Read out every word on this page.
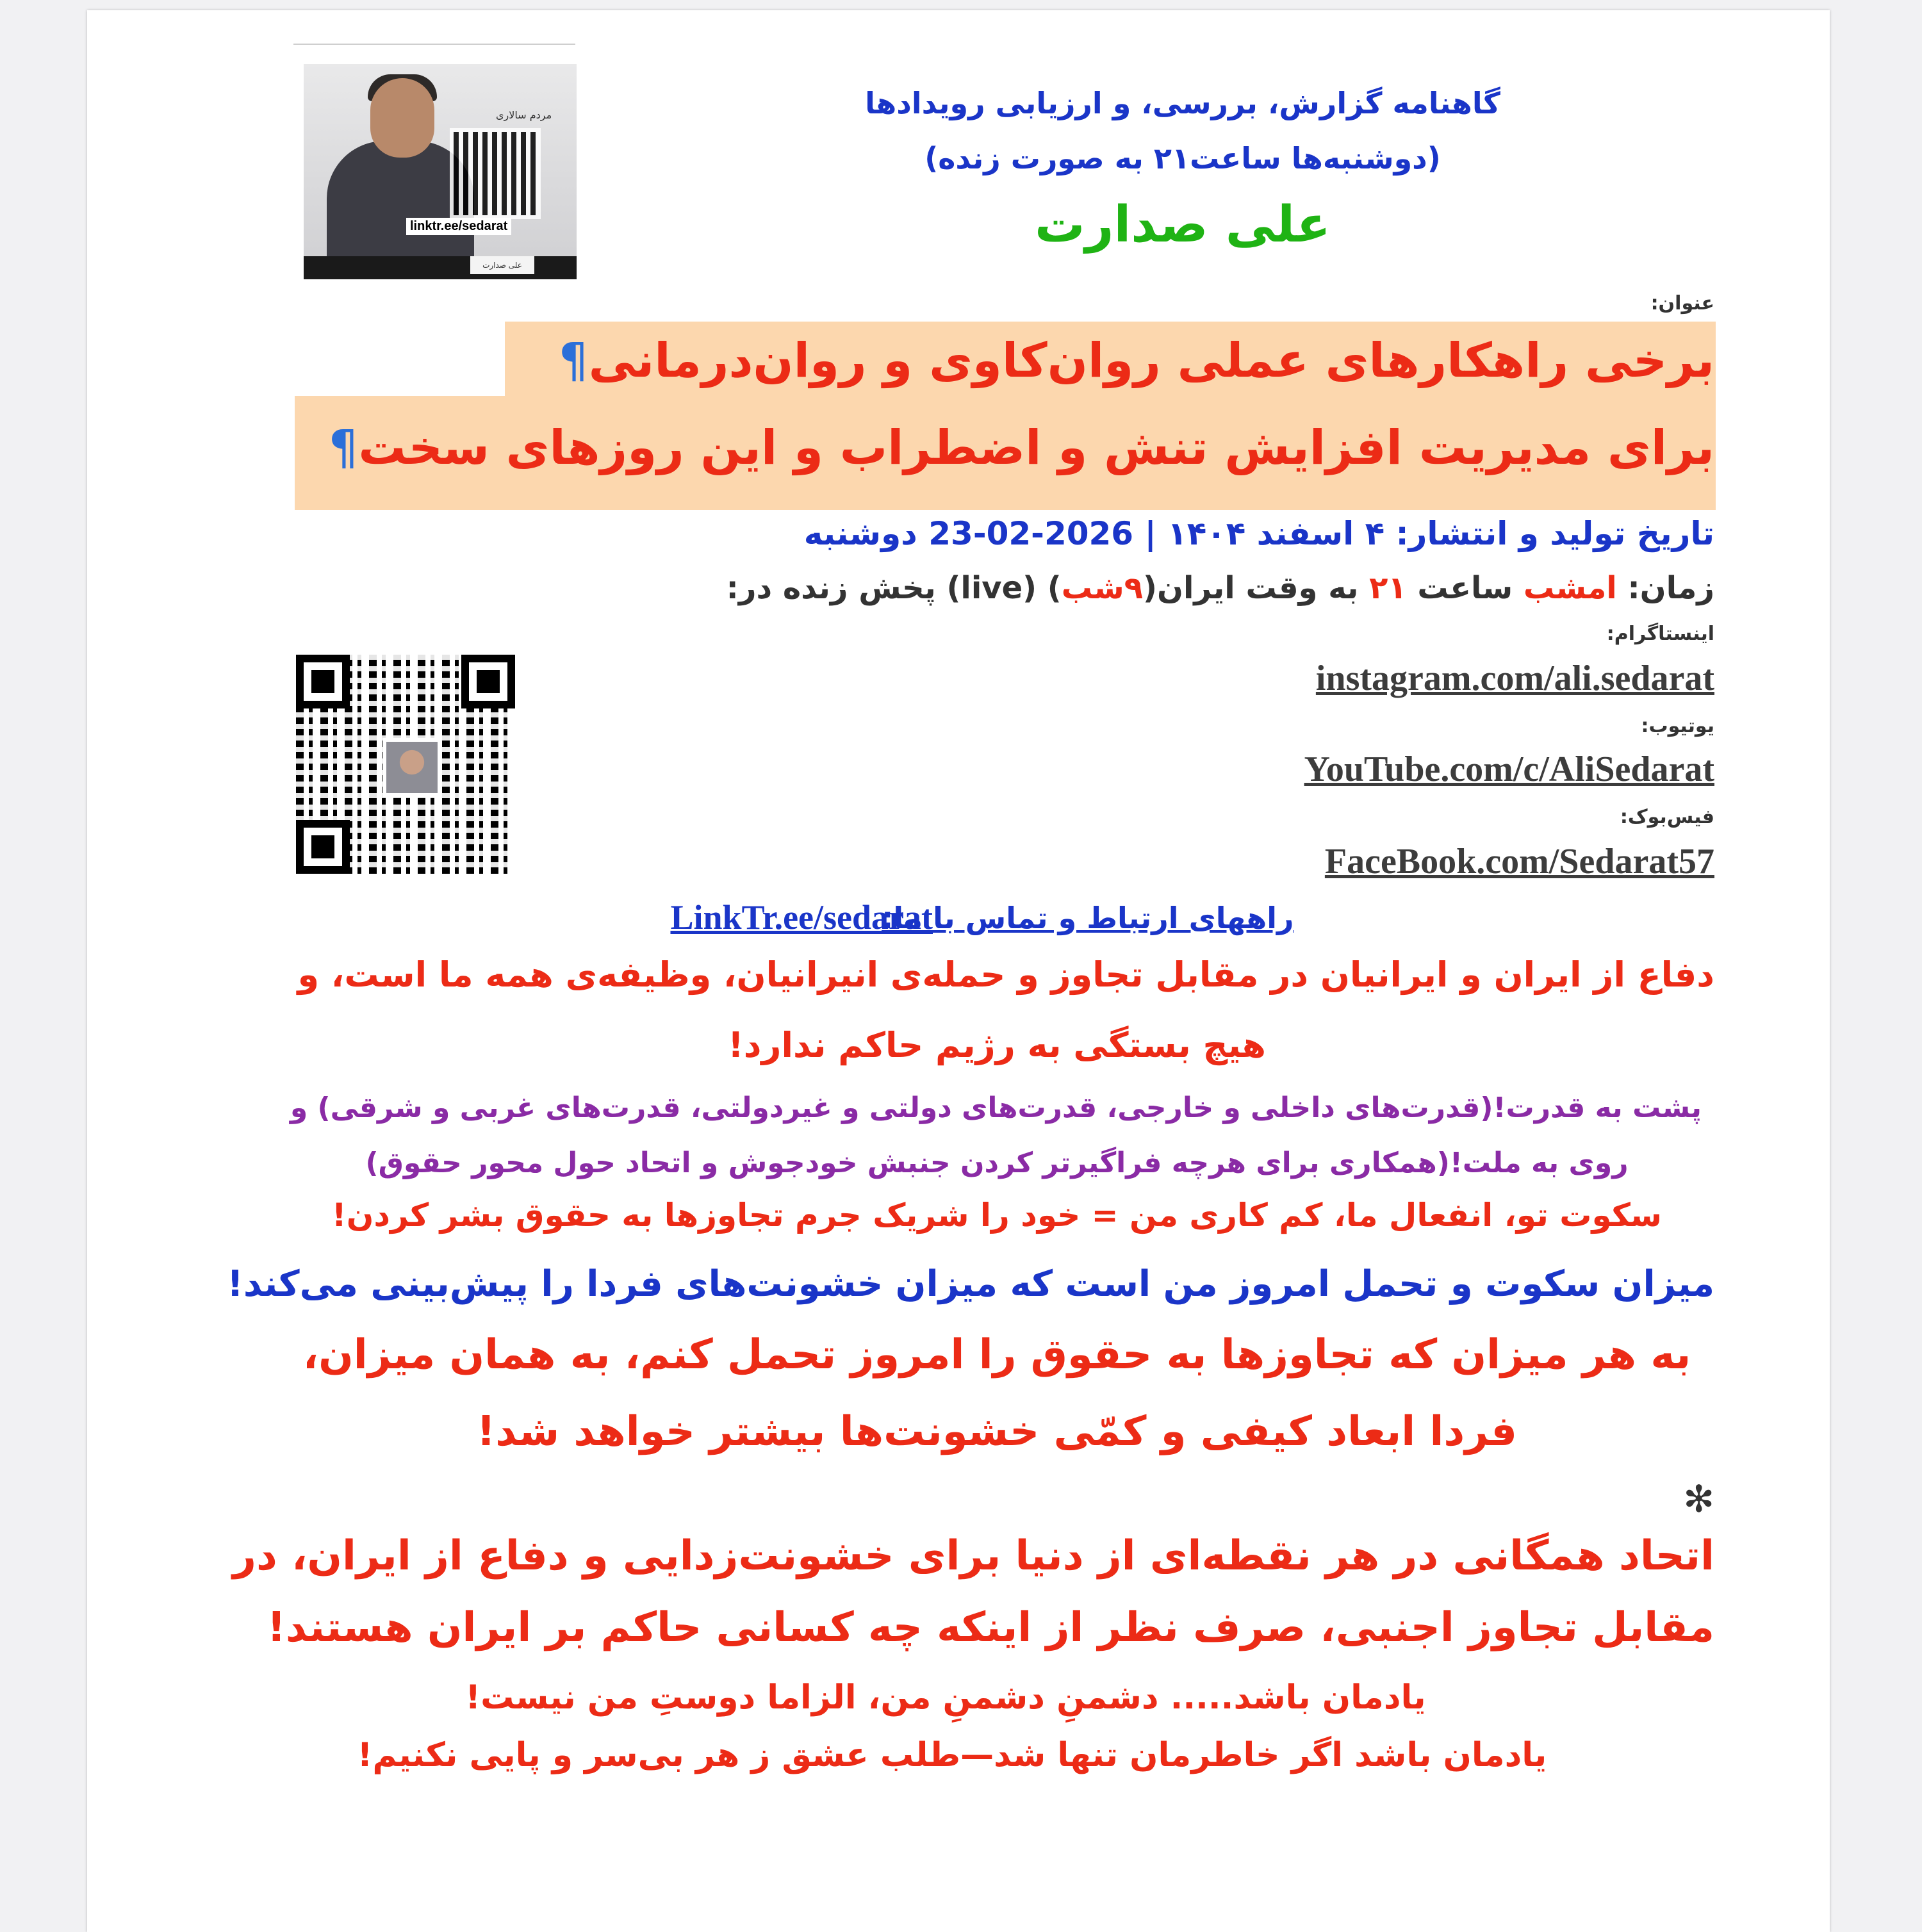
مردم سالاری
linktr.ee/sedarat
علی صدارت
گاهنامه گزارش، بررسی، و ارزیابی رویدادها
(دوشنبه‌ها ساعت۲۱ به صورت زنده)
علی صدارت
عنوان:
برخی راهکارهای عملی روان‌کاوی و روان‌درمانی¶
برای مدیریت افزایش تنش و اضطراب و این روزهای سخت¶
تاریخ تولید و انتشار: ۴ اسفند ۱۴۰۴ | 2026-02-23 دوشنبه
زمان: امشب ساعت ۲۱ به وقت ایران(۹شب) (live) پخش زنده در:
اینستاگرام:
instagram.com/ali.sedarat
یوتیوب:
YouTube.com/c/AliSedarat
فیس‌بوک:
FaceBook.com/Sedarat57
راههای ارتباط و تماس با ما:
LinkTr.ee/sedarat
دفاع از ایران و ایرانیان در مقابل تجاوز و حمله‌ی انیرانیان، وظیفه‌ی همه ما است، و
هیچ بستگی به رژیم حاکم ندارد!
پشت به قدرت!(قدرت‌های داخلی و خارجی، قدرت‌های دولتی و غیردولتی، قدرت‌های غربی و شرقی) و
روی به ملت!(همکاری برای هرچه فراگیرتر کردن جنبش خودجوش و اتحاد حول محور حقوق)
سکوت تو، انفعال ما، کم کاری من = خود را شریک جرم تجاوزها به حقوق بشر کردن!
میزان سکوت و تحمل امروز من است که میزان خشونت‌های فردا را پیش‌بینی می‌کند!
به هر میزان که تجاوزها به حقوق را امروز تحمل کنم، به همان میزان،
فردا ابعاد کیفی و کمّی خشونت‌ها بیشتر خواهد شد!
✻
اتحاد همگانی در هر نقطه‌ای از دنیا برای خشونت‌زدایی و دفاع از ایران، در
مقابل تجاوز اجنبی، صرف نظر از اینکه چه کسانی حاکم بر ایران هستند!
یادمان باشد..... دشمنِ دشمنِ من، الزاما دوستِ من نیست!
یادمان باشد اگر خاطرمان تنها شد—طلب عشق ز هر بی‌سر و پایی نکنیم!
